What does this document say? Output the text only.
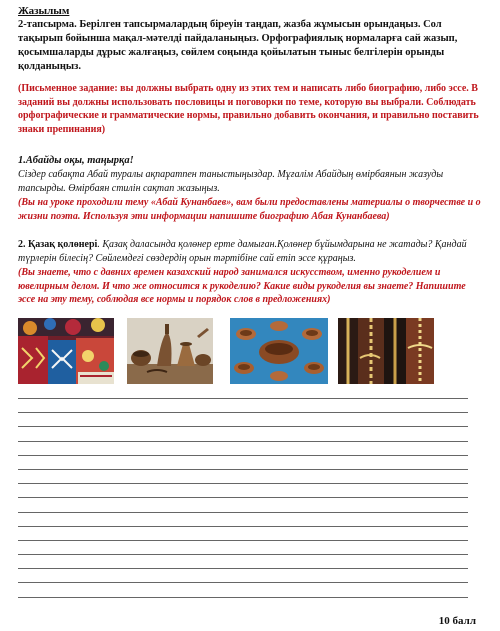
Жазылым
2-тапсырма. Берілген тапсырмалардың біреуін таңдап, жазба жұмысын орындаңыз. Сол тақырып бойынша мақал-мәтелді пайдаланыңыз. Орфографиялық нормаларға сай жазып, қосымшаларды дұрыс жалғаңыз, сөйлем соңында қойылатын тыныс белгілерін орынды қолданыңыз.
(Письменное задание: вы должны выбрать одну из этих тем и написать либо биографию, либо эссе. В заданий вы должны использовать пословицы и поговорки по теме, которую вы выбрали. Соблюдать орфографические и грамматические нормы, правильно добавить окончания, и правильно поставить знаки препинания)
1.Абайды оқы, таңырқа!
Сіздер сабақта Абай туралы ақпаратпен таныстыңыздар. Мұғалім Абайдың өмірбаянын жазуды тапсырды. Өмірбаян стилін сақтап жазыңыз.
(Вы на уроке проходили тему «Абай Кунанбаев», вам были предоставлены материалы о творчестве и о жизни поэта. Используя эти информации напишите биографию Абая Кунанбаева)
2. Қазақ қолөнері. Қазақ даласында қолөнер ерте дамыған.Қолөнер бұйымдарына не жатады? Қандай түрлерін білесің? Сөйлемдегі сөздердің орын тәртібіне сай етіп эссе құраңыз.
(Вы знаете, что с давних времен казахский народ занимался искусством, именно рукоделием и ювелирным делом. И что же относится к рукоделию? Какие виды рукоделия вы знаете? Напишите эссе на эту тему, соблюдая все нормы и порядок слов в предложениях)
10 балл
